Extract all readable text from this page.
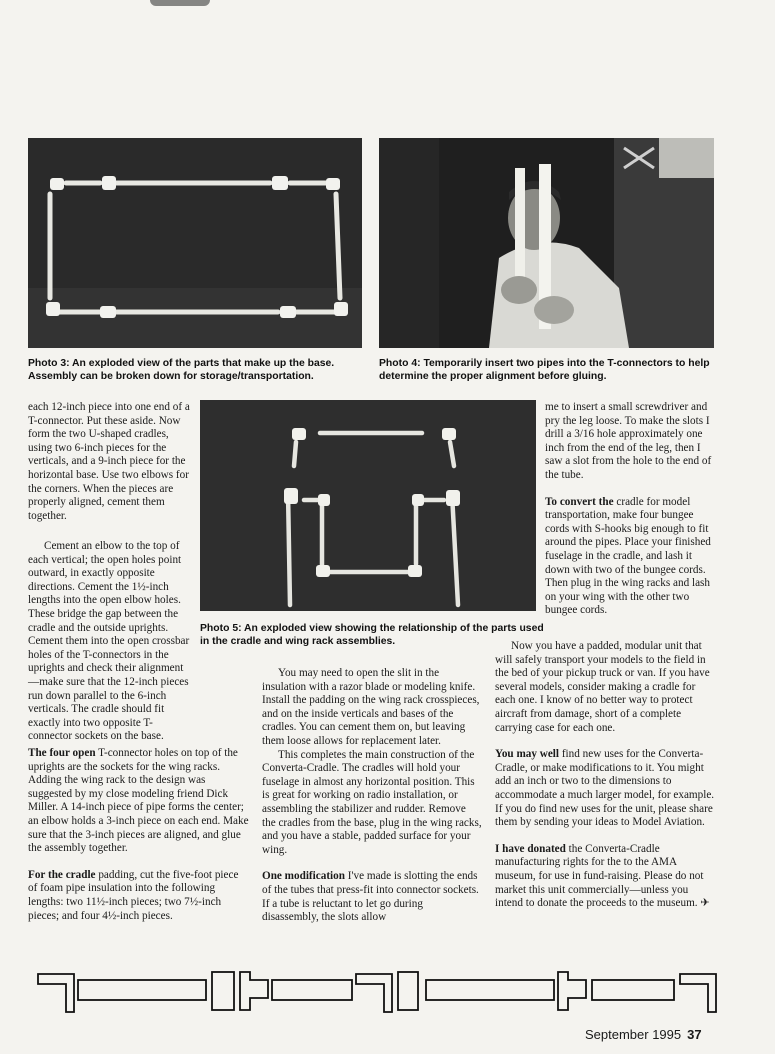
Photo 3: An exploded view of the parts that make up the base. Assembly can be broken down for storage/transportation.
Photo 4: Temporarily insert two pipes into the T-connectors to help determine the proper alignment before gluing.
Photo 5: An exploded view showing the relationship of the parts used in the cradle and wing rack assemblies.

each 12-inch piece into one end of a T-connector. Put these aside. Now form the two U-shaped cradles, using two 6-inch pieces for the verticals, and a 9-inch piece for the horizontal base. Use two elbows for the corners. When the pieces are properly aligned, cement them together.

Cement an elbow to the top of each vertical; the open holes point outward, in exactly opposite directions. Cement the 1½-inch lengths into the open elbow holes. These bridge the gap between the cradle and the outside uprights. Cement them into the open crossbar holes of the T-connectors in the uprights and check their alignment—make sure that the 12-inch pieces run down parallel to the 6-inch verticals. The cradle should fit exactly into two opposite T-connector sockets on the base.

The four open T-connector holes on top of the uprights are the sockets for the wing racks. Adding the wing rack to the design was suggested by my close modeling friend Dick Miller. A 14-inch piece of pipe forms the center; an elbow holds a 3-inch piece on each end. Make sure that the 3-inch pieces are aligned, and glue the assembly together.

For the cradle padding, cut the five-foot piece of foam pipe insulation into the following lengths: two 11½-inch pieces; two 7½-inch pieces; and four 4½-inch pieces.

You may need to open the slit in the insulation with a razor blade or modeling knife. Install the padding on the wing rack crosspieces, and on the inside verticals and bases of the cradles. You can cement them on, but leaving them loose allows for replacement later.

This completes the main construction of the Converta-Cradle. The cradles will hold your fuselage in almost any horizontal position. This is great for working on radio installation, or assembling the stabilizer and rudder. Remove the cradles from the base, plug in the wing racks, and you have a stable, padded surface for your wing.

One modification I've made is slotting the ends of the tubes that press-fit into connector sockets. If a tube is reluctant to let go during disassembly, the slots allow

me to insert a small screwdriver and pry the leg loose. To make the slots I drill a 3/16 hole approximately one inch from the end of the leg, then I saw a slot from the hole to the end of the tube.

To convert the cradle for model transportation, make four bungee cords with S-hooks big enough to fit around the pipes. Place your finished fuselage in the cradle, and lash it down with two of the bungee cords. Then plug in the wing racks and lash on your wing with the other two bungee cords.

Now you have a padded, modular unit that will safely transport your models to the field in the bed of your pickup truck or van. If you have several models, consider making a cradle for each one. I know of no better way to protect aircraft from damage, short of a complete carrying case for each one.

You may well find new uses for the Converta-Cradle, or make modifications to it. You might add an inch or two to the dimensions to accommodate a much larger model, for example. If you do find new uses for the unit, please share them by sending your ideas to Model Aviation.

I have donated the Converta-Cradle manufacturing rights for the to the AMA museum, for use in fund-raising. Please do not market this unit commercially—unless you intend to donate the proceeds to the museum. ✈

September 1995 37
